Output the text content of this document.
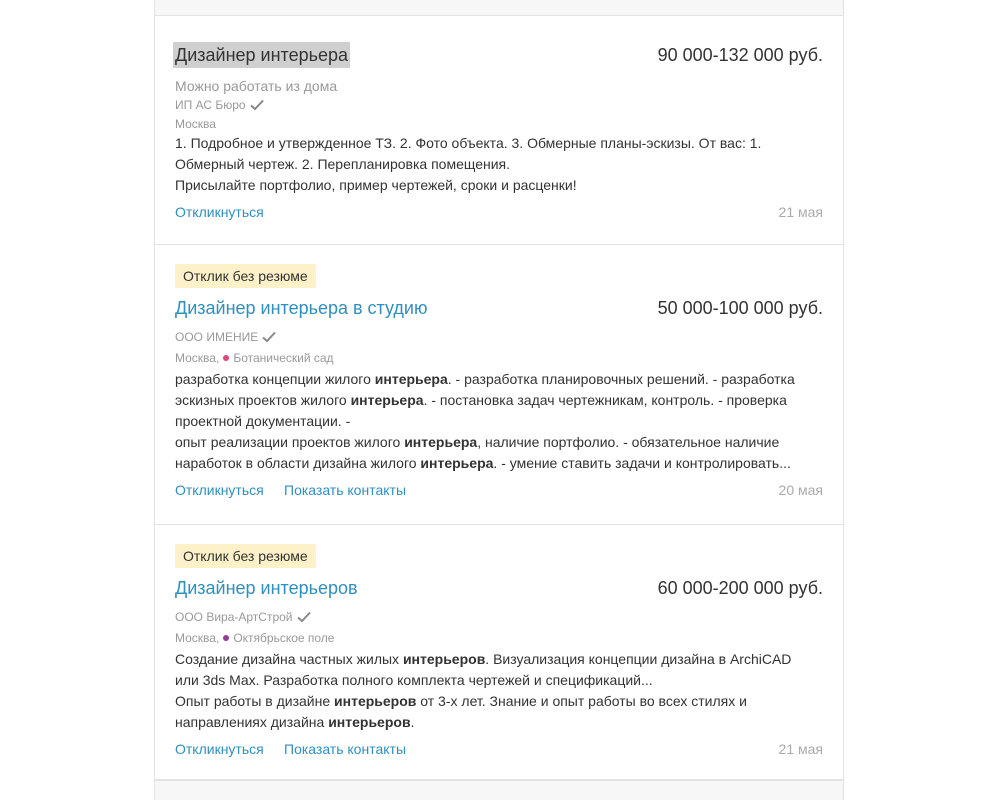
Дизайнер интерьера	90 000-132 000 руб.
Можно работать из дома
ИП АС Бюро
Москва

1. Подробное и утвержденное ТЗ. 2. Фото объекта. 3. Обмерные планы-эскизы. От вас: 1.

Обмерный чертеж. 2. Перепланировка помещения.

Присылайте портфолио, пример чертежей, сроки и расценки!

Откликнуться	21 мая
Отклик без резюме
Дизайнер интерьера в студию	50 000-100 000 руб.
ООО ИМЕНИЕ
Москва, Ботанический сад

разработка концепции жилого интерьера. - разработка планировочных решений. - разработка

эскизных проектов жилого интерьера. - постановка задач чертежникам, контроль. - проверка

проектной документации. -

опыт реализации проектов жилого интерьера, наличие портфолио. - обязательное наличие

наработок в области дизайна жилого интерьера. - умение ставить задачи и контролировать...

Откликнуться Показать контакты	20 мая
Отклик без резюме
Дизайнер интерьеров	60 000-200 000 руб.
ООО Вира-АртСтрой
Москва, Октябрьское поле

Создание дизайна частных жилых интерьеров. Визуализация концепции дизайна в ArchiCAD

или 3ds Max. Разработка полного комплекта чертежей и спецификаций...

Опыт работы в дизайне интерьеров от 3-х лет. Знание и опыт работы во всех стилях и

направлениях дизайна интерьеров.

Откликнуться Показать контакты	21 мая
